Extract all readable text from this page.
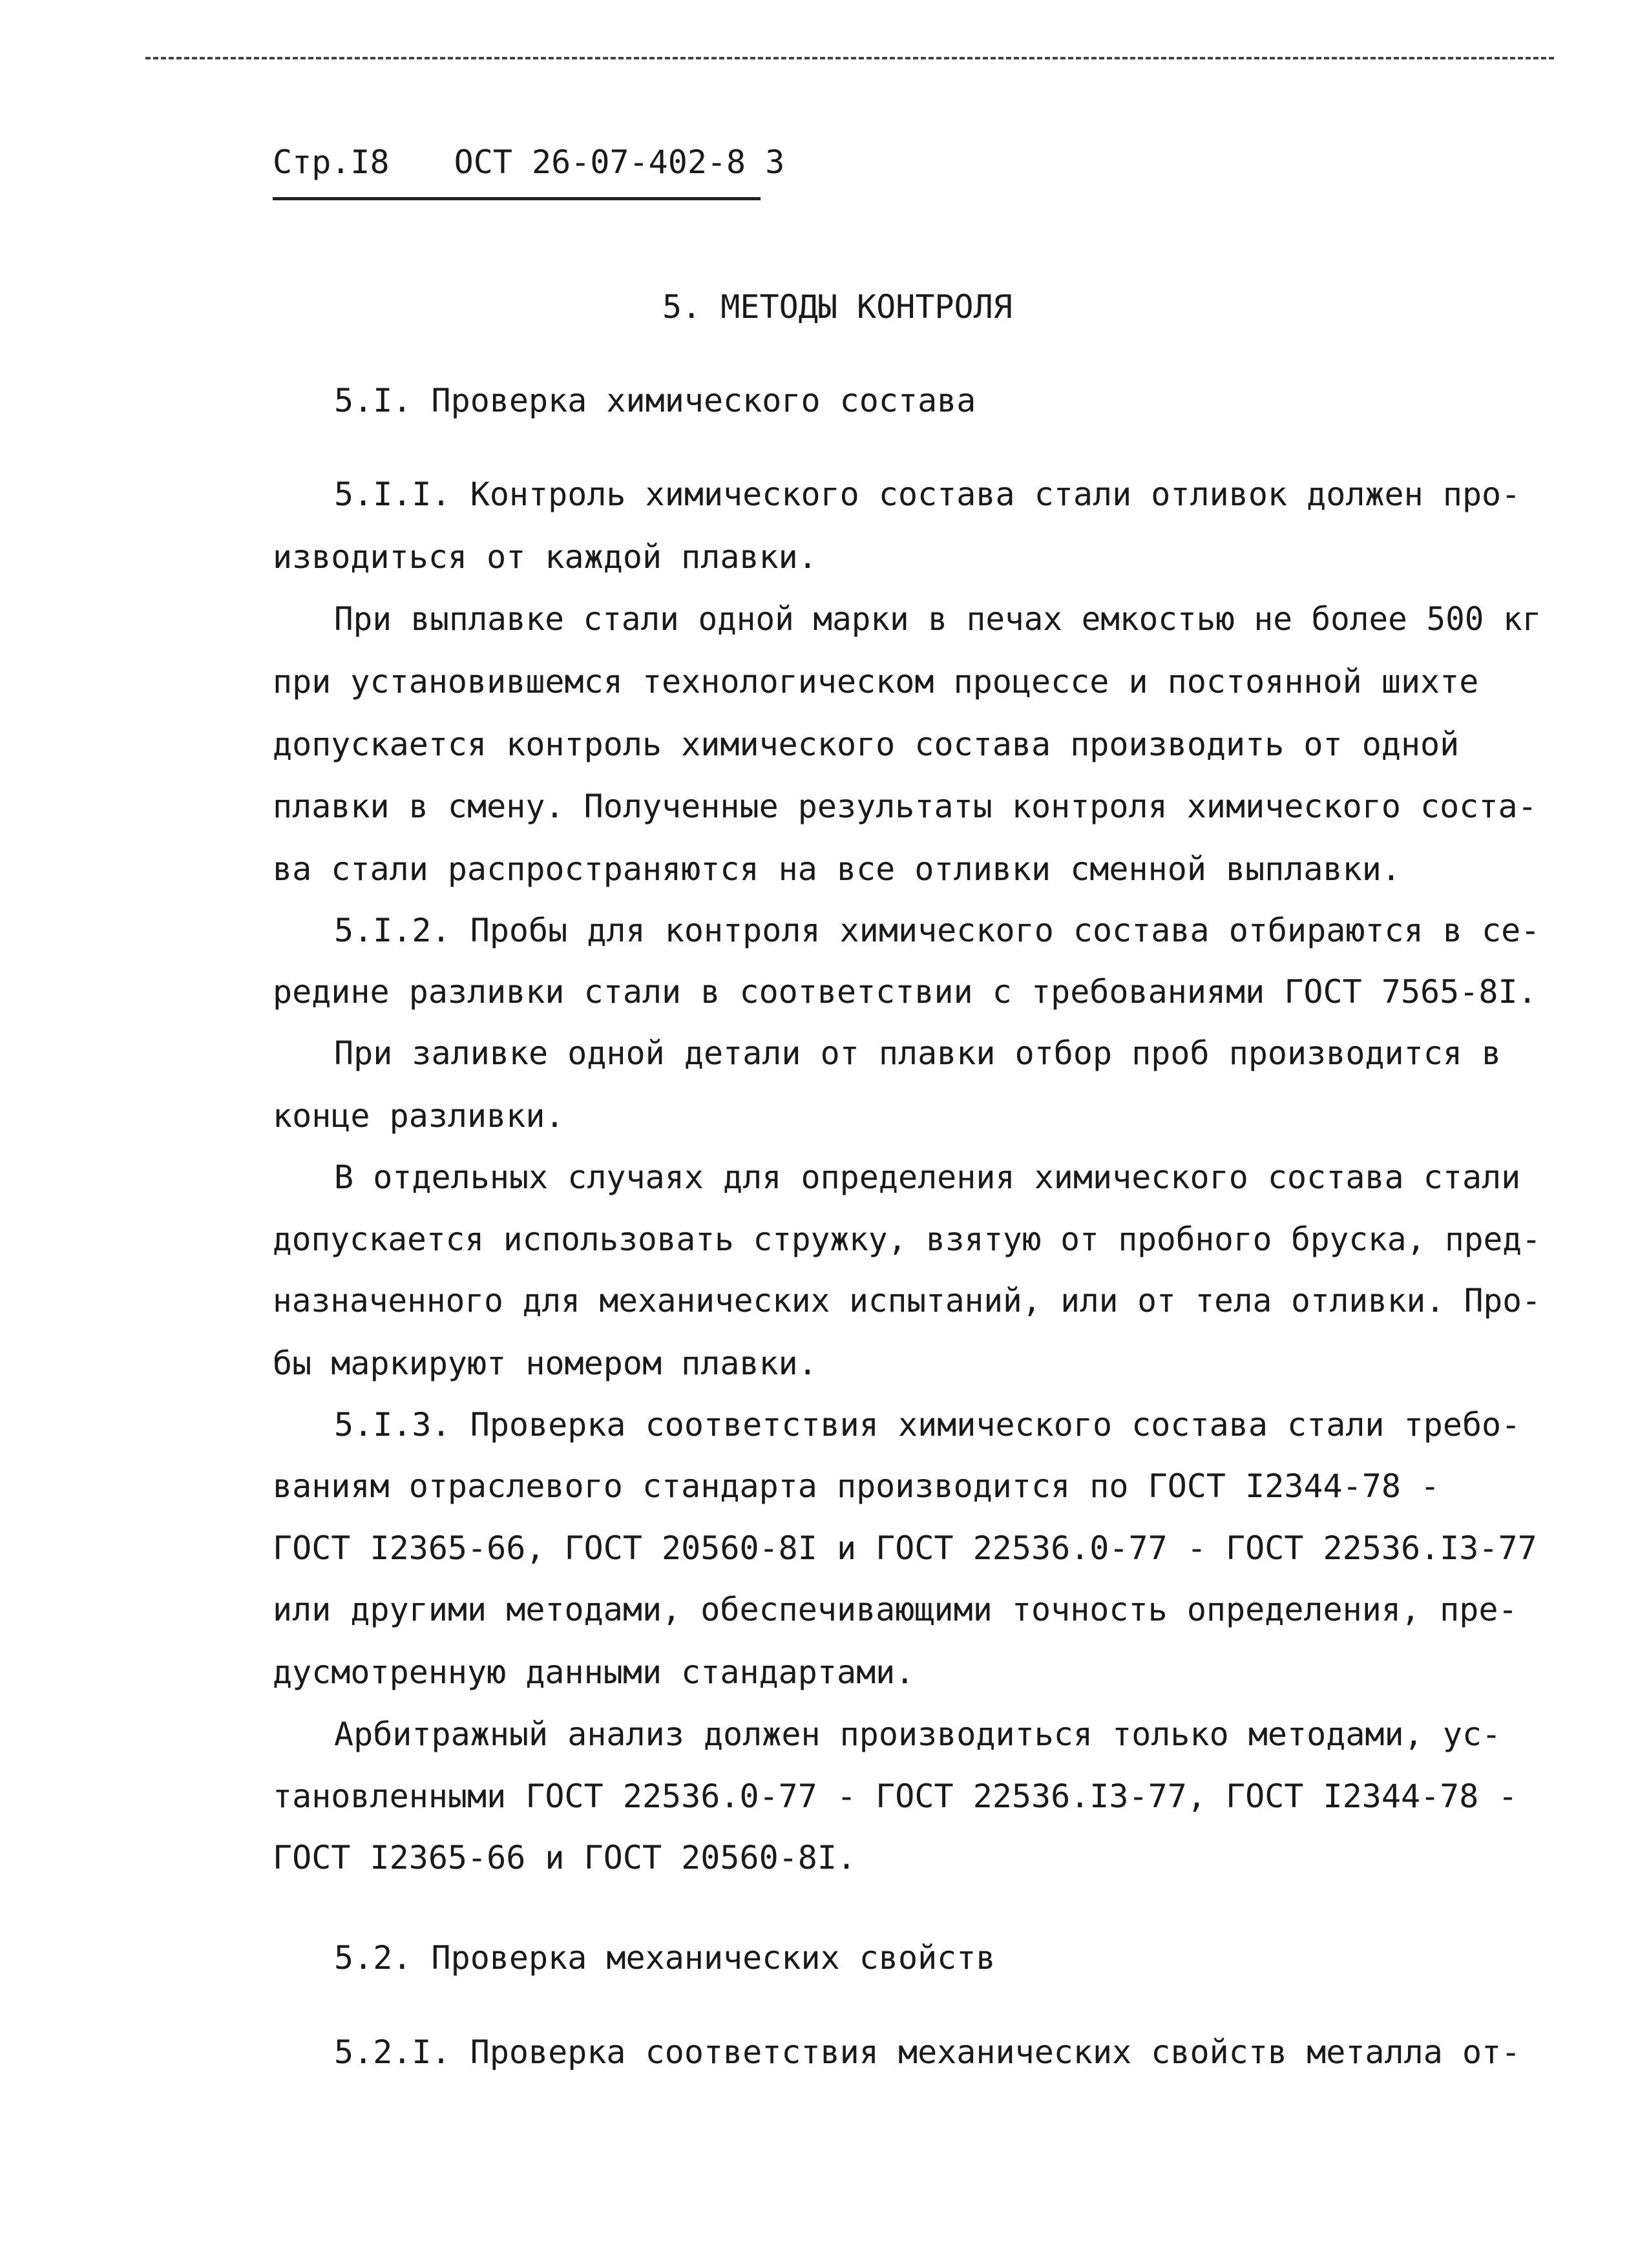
Стр.I8 ОСТ 26-07-402-8 3
5. МЕТОДЫ КОНТРОЛЯ
5.I. Проверка химического состава
5.I.I. Контроль химического состава стали отливок должен про-
изводиться от каждой плавки.
При выплавке стали одной марки в печах емкостью не более 500 кг
при установившемся технологическом процессе и постоянной шихте
допускается контроль химического состава производить от одной
плавки в смену. Полученные результаты контроля химического соста-
ва стали распространяются на все отливки сменной выплавки.
5.I.2. Пробы для контроля химического состава отбираются в се-
редине разливки стали в соответствии с требованиями ГОСТ 7565-8I.
При заливке одной детали от плавки отбор проб производится в
конце разливки.
В отдельных случаях для определения химического состава стали
допускается использовать стружку, взятую от пробного бруска, пред-
назначенного для механических испытаний, или от тела отливки. Про-
бы маркируют номером плавки.
5.I.3. Проверка соответствия химического состава стали требо-
ваниям отраслевого стандарта производится по ГОСТ I2344-78 -
ГОСТ I2365-66, ГОСТ 20560-8I и ГОСТ 22536.0-77 - ГОСТ 22536.I3-77
или другими методами, обеспечивающими точность определения, пре-
дусмотренную данными стандартами.
Арбитражный анализ должен производиться только методами, ус-
тановленными ГОСТ 22536.0-77 - ГОСТ 22536.I3-77, ГОСТ I2344-78 -
ГОСТ I2365-66 и ГОСТ 20560-8I.
5.2. Проверка механических свойств
5.2.I. Проверка соответствия механических свойств металла от-
